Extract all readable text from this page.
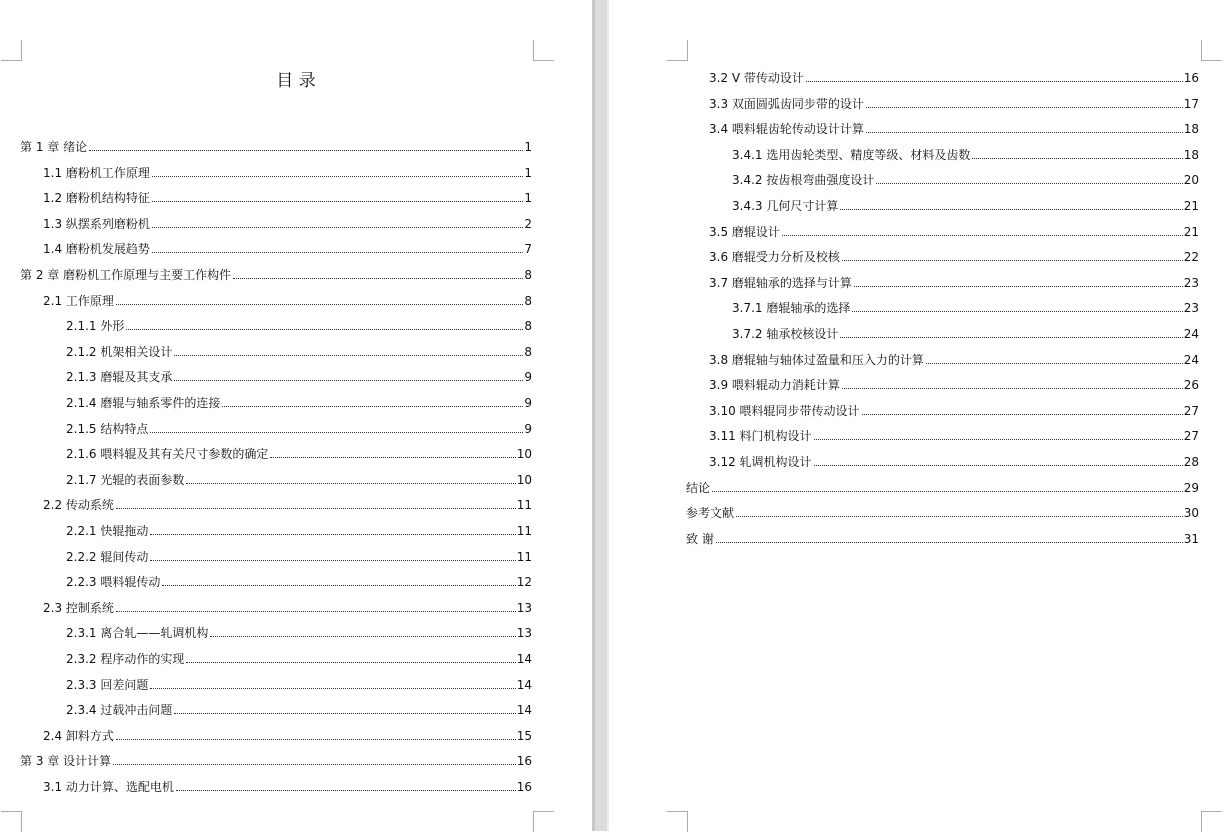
目 录
第 1 章 绪论	1
1.1 磨粉机工作原理	1
1.2 磨粉机结构特征	1
1.3 纵摆系列磨粉机	2
1.4 磨粉机发展趋势	7
第 2 章 磨粉机工作原理与主要工作构件	8
2.1 工作原理	8
2.1.1 外形	8
2.1.2 机架相关设计	8
2.1.3 磨辊及其支承	9
2.1.4 磨辊与轴系零件的连接	9
2.1.5 结构特点	9
2.1.6 喂料辊及其有关尺寸参数的确定	10
2.1.7 光辊的表面参数	10
2.2 传动系统	11
2.2.1 快辊拖动	11
2.2.2 辊间传动	11
2.2.3 喂料辊传动	12
2.3 控制系统	13
2.3.1 离合轧——轧调机构	13
2.3.2 程序动作的实现	14
2.3.3 回差问题	14
2.3.4 过载冲击问题	14
2.4 卸料方式	15
第 3 章 设计计算	16
3.1 动力计算、选配电机	16
3.2 V 带传动设计	16
3.3 双面圆弧齿同步带的设计	17
3.4 喂料辊齿轮传动设计计算	18
3.4.1 选用齿轮类型、精度等级、材料及齿数	18
3.4.2 按齿根弯曲强度设计	20
3.4.3 几何尺寸计算	21
3.5 磨辊设计	21
3.6 磨辊受力分析及校核	22
3.7 磨辊轴承的选择与计算	23
3.7.1 磨辊轴承的选择	23
3.7.2 轴承校核设计	24
3.8 磨辊轴与轴体过盈量和压入力的计算	24
3.9 喂料辊动力消耗计算	26
3.10 喂料辊同步带传动设计	27
3.11 料门机构设计	27
3.12 轧调机构设计	28
结论	29
参考文献	30
致 谢	31
